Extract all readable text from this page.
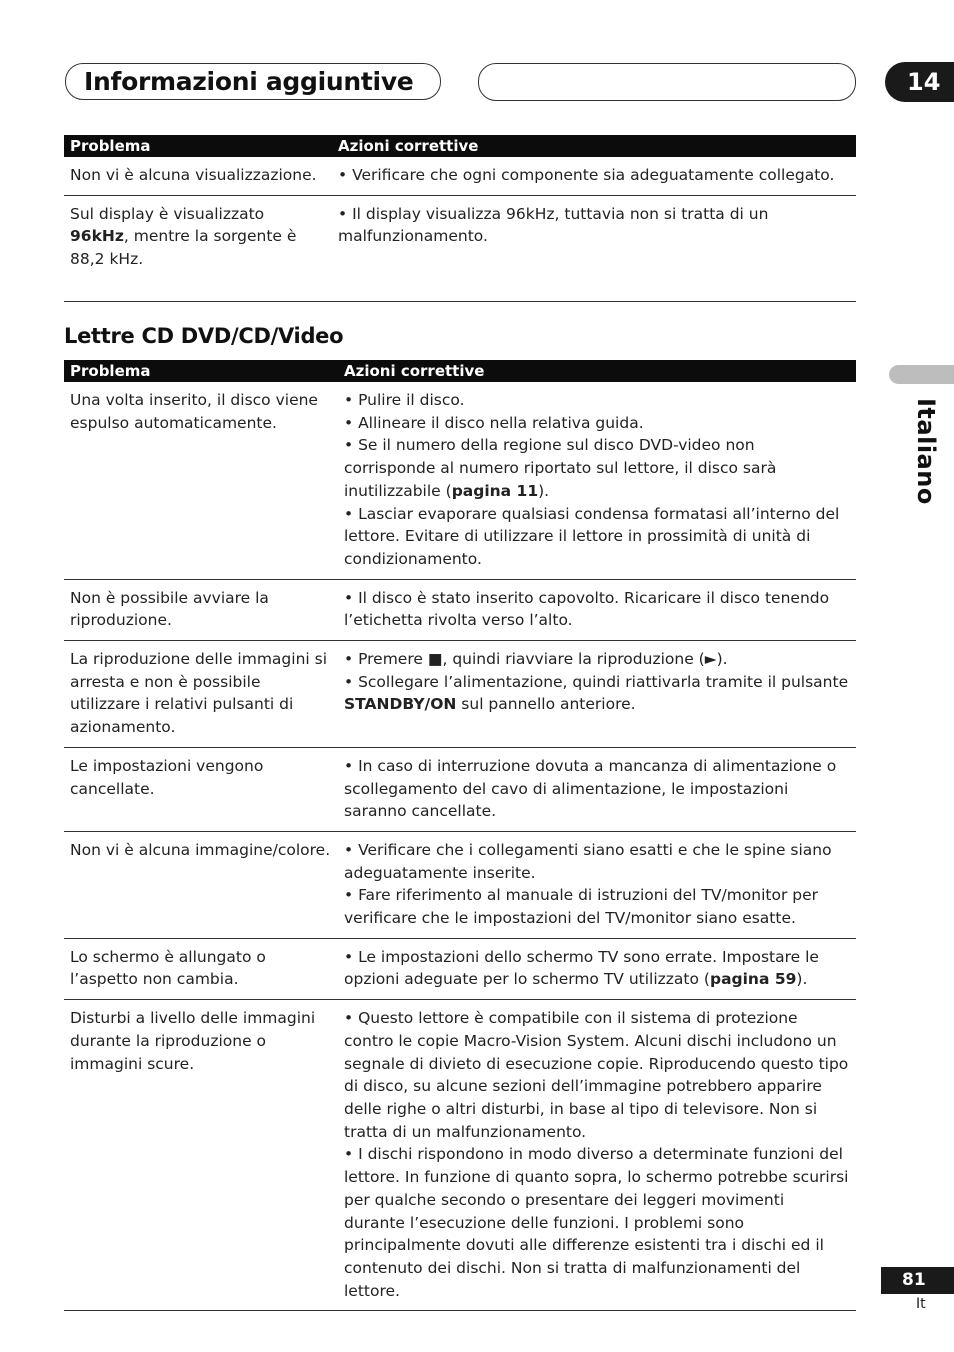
Informazioni aggiuntive	14
Italiano
Problema	Azioni correttive
Non vi è alcuna visualizzazione.	• Verificare che ogni componente sia adeguatamente collegato.

Sul display è visualizzato 96kHz, mentre la sorgente è 88,2 kHz.	• Il display visualizza 96kHz, tuttavia non si tratta di un malfunzionamento.
Lettre CD DVD/CD/Video
Problema	Azioni correttive
Una volta inserito, il disco viene espulso automaticamente.	• Pulire il disco.
• Allineare il disco nella relativa guida.
• Se il numero della regione sul disco DVD-video non corrisponde al numero riportato sul lettore, il disco sarà inutilizzabile (pagina 11).
• Lasciar evaporare qualsiasi condensa formatasi all’interno del lettore. Evitare di utilizzare il lettore in prossimità di unità di condizionamento.

Non è possibile avviare la riproduzione.	• Il disco è stato inserito capovolto. Ricaricare il disco tenendo l’etichetta rivolta verso l’alto.

La riproduzione delle immagini si arresta e non è possibile utilizzare i relativi pulsanti di azionamento.	• Premere ■, quindi riavviare la riproduzione (►).
• Scollegare l’alimentazione, quindi riattivarla tramite il pulsante STANDBY/ON sul pannello anteriore.

Le impostazioni vengono cancellate.	• In caso di interruzione dovuta a mancanza di alimentazione o scollegamento del cavo di alimentazione, le impostazioni saranno cancellate.

Non vi è alcuna immagine/colore.	• Verificare che i collegamenti siano esatti e che le spine siano adeguatamente inserite.
• Fare riferimento al manuale di istruzioni del TV/monitor per verificare che le impostazioni del TV/monitor siano esatte.

Lo schermo è allungato o l’aspetto non cambia.	• Le impostazioni dello schermo TV sono errate. Impostare le opzioni adeguate per lo schermo TV utilizzato (pagina 59).

Disturbi a livello delle immagini durante la riproduzione o immagini scure.	• Questo lettore è compatibile con il sistema di protezione contro le copie Macro-Vision System. Alcuni dischi includono un segnale di divieto di esecuzione copie. Riproducendo questo tipo di disco, su alcune sezioni dell’immagine potrebbero apparire delle righe o altri disturbi, in base al tipo di televisore. Non si tratta di un malfunzionamento.
• I dischi rispondono in modo diverso a determinate funzioni del lettore. In funzione di quanto sopra, lo schermo potrebbe scurirsi per qualche secondo o presentare dei leggeri movimenti durante l’esecuzione delle funzioni. I problemi sono principalmente dovuti alle differenze esistenti tra i dischi ed il contenuto dei dischi. Non si tratta di malfunzionamenti del lettore.
81
It
